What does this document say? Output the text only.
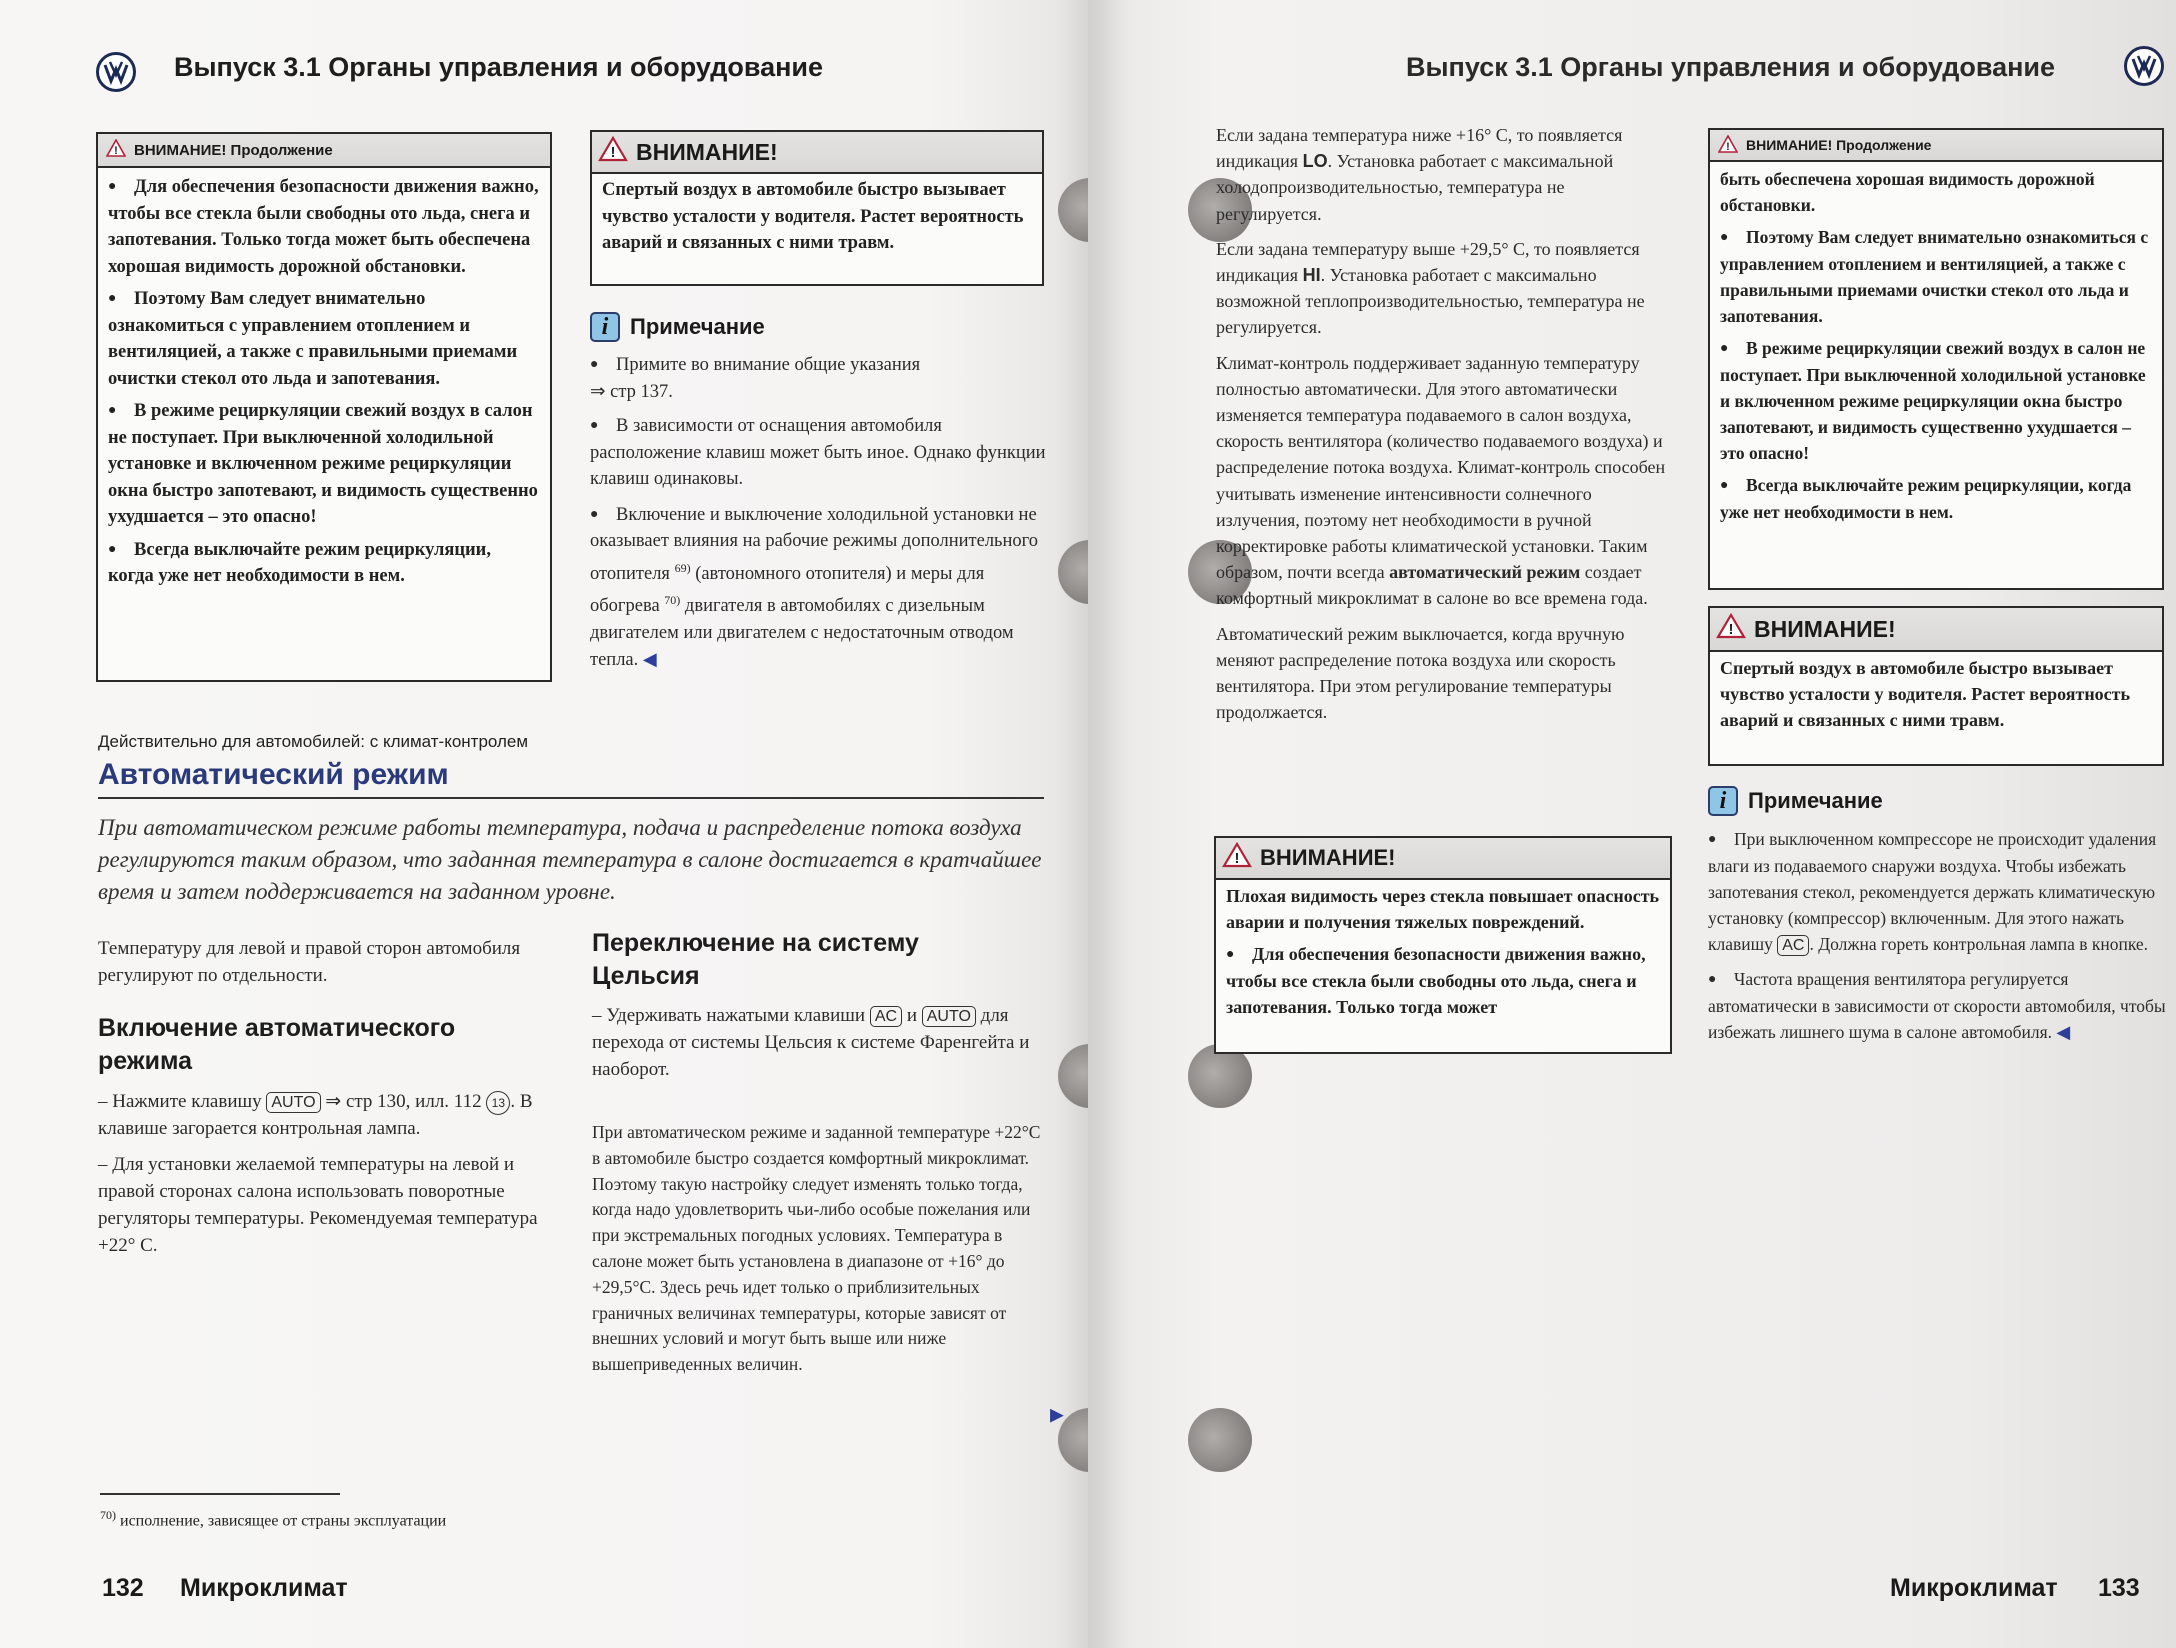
Выпуск 3.1 Органы управления и оборудование
! ВНИМАНИЕ! Продолжение

● Для обеспечения безопасности движения важно, чтобы все стекла были свободны ото льда, снега и запотевания. Только тогда может быть обеспечена хорошая видимость дорожной обстановки.

● Поэтому Вам следует внимательно ознакомиться с управлением отоплением и вентиляцией, а также с правильными приемами очистки стекол ото льда и запотевания.

● В режиме рециркуляции свежий воздух в салон не поступает. При выключенной холодильной установке и включенном режиме рециркуляции окна быстро запотевают, и видимость существенно ухудшается – это опасно!

● Всегда выключайте режим рециркуляции, когда уже нет необходимости в нем.

! ВНИМАНИЕ!
Спертый воздух в автомобиле быстро вызывает чувство усталости у водителя. Растет вероятность аварий и связанных с ними травм.
i Примечание

● Примите во внимание общие указания

⇒ стр 137.

● В зависимости от оснащения автомобиля расположение клавиш может быть иное. Однако функции клавиш одинаковы.

● Включение и выключение холодильной установки не оказывает влияния на рабочие режимы дополнительного отопителя $^{69)}$ (автономного отопителя) и меры для обогрева $^{70)}$ двигателя в автомобилях с дизельным двигателем или двигателем с недостаточным отводом тепла. ◀

Действительно для автомобилей: с климат-контролем
Автоматический режим
При автоматическом режиме работы температура, подача и распределение потока воздуха регулируются таким образом, что заданная температура в салоне достигается в кратчайшее время и затем поддерживается на заданном уровне.
Температуру для левой и правой сторон автомобиля регулируют по отдельности.
Включение автоматического режима

– Нажмите клавишу AUTO ⇒ стр 130, илл. 112 13 . В клавише загорается контрольная лампа.

– Для установки желаемой температуры на левой и правой сторонах салона использовать поворотные регуляторы температуры. Рекомендуемая температура +22° С.

Переключение на систему Цельсия

– Удерживать нажатыми клавиши AC и AUTO для перехода от системы Цельсия к системе Фаренгейта и наоборот.

При автоматическом режиме и заданной температуре +22°С в автомобиле быстро создается комфортный микроклимат. Поэтому такую настройку следует изменять только тогда, когда надо удовлетворить чьи-либо особые пожелания или при экстремальных погодных условиях. Температура в салоне может быть установлена в диапазоне от +16° до +29,5°С. Здесь речь идет только о приблизительных граничных величинах температуры, которые зависят от внешних условий и могут быть выше или ниже вышеприведенных величин.
◀
$^{70)}$ исполнение, зависящее от страны эксплуатации
132 Микроклимат
Выпуск 3.1 Органы управления и оборудование

Если задана температура ниже +16° С, то появляется индикация LO. Установка работает с максимальной холодопроизводительностью, температура не регулируется.

Если задана температуру выше +29,5° С, то появляется индикация HI. Установка работает с максимально возможной теплопроизводительностью, температура не регулируется.

Климат-контроль поддерживает заданную температуру полностью автоматически. Для этого автоматически изменяется температура подаваемого в салон воздуха, скорость вентилятора (количество подаваемого воздуха) и распределение потока воздуха. Климат-контроль способен учитывать изменение интенсивности солнечного излучения, поэтому нет необходимости в ручной корректировке работы климатической установки. Таким образом, почти всегда автоматический режим создает комфортный микроклимат в салоне во все времена года.

Автоматический режим выключается, когда вручную меняют распределение потока воздуха или скорость вентилятора. При этом регулирование температуры продолжается.

! ВНИМАНИЕ!

Плохая видимость через стекла повышает опасность аварии и получения тяжелых повреждений.

● Для обеспечения безопасности движения важно, чтобы все стекла были свободны ото льда, снега и запотевания. Только тогда может

! ВНИМАНИЕ! Продолжение

быть обеспечена хорошая видимость дорожной обстановки.

● Поэтому Вам следует внимательно ознакомиться с управлением отоплением и вентиляцией, а также с правильными приемами очистки стекол ото льда и запотевания.

● В режиме рециркуляции свежий воздух в салон не поступает. При выключенной холодильной установке и включенном режиме рециркуляции окна быстро запотевают, и видимость существенно ухудшается – это опасно!

● Всегда выключайте режим рециркуляции, когда уже нет необходимости в нем.

! ВНИМАНИЕ!
Спертый воздух в автомобиле быстро вызывает чувство усталости у водителя. Растет вероятность аварий и связанных с ними травм.
i Примечание

● При выключенном компрессоре не происходит удаления влаги из подаваемого снаружи воздуха. Чтобы избежать запотевания стекол, рекомендуется держать климатическую установку (компрессор) включенным. Для этого нажать клавишу AC . Должна гореть контрольная лампа в кнопке.

● Частота вращения вентилятора регулируется автоматически в зависимости от скорости автомобиля, чтобы избежать лишнего шума в салоне автомобиля. ◀

Микроклимат 133
